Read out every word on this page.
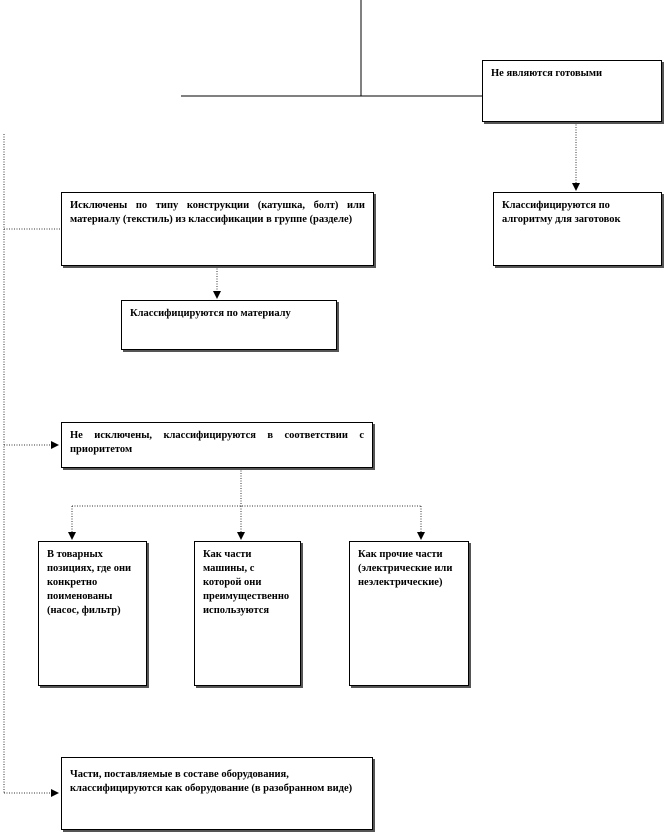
Не являются готовыми
Классифицируются по алгоритму для заготовок
Исключены по типу конструкции (катушка, болт) или материалу (текстиль) из классификации в группе (разделе)
Классифицируются по материалу
Не исключены, классифицируются в соответствии с приоритетом
В товарных позициях, где они конкретно поименованы (насос, фильтр)
Как части машины, с которой они преимущественно используются
Как прочие части (электрические или неэлектрические)
Части, поставляемые в составе оборудования, классифицируются как оборудование (в разобранном виде)
